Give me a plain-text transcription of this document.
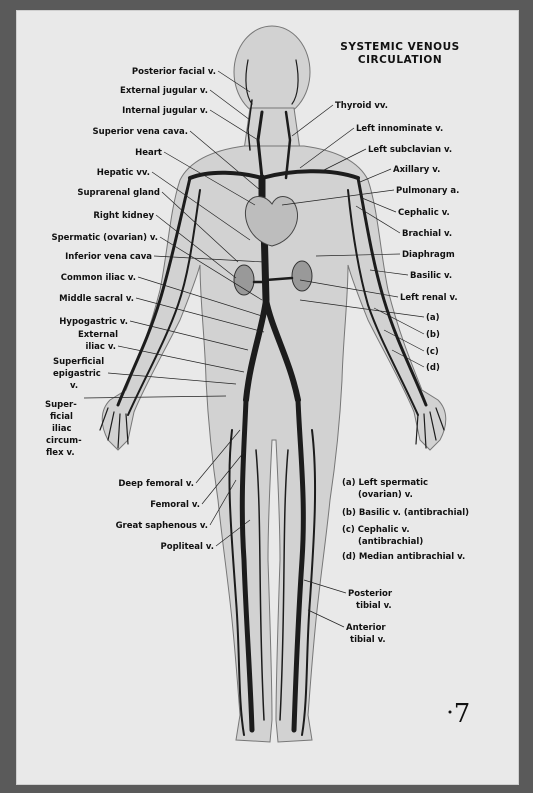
SYSTEMIC VENOUS
CIRCULATION
Posterior facial v.
External jugular v.
Internal jugular v.
Superior vena cava.
Heart
Hepatic vv.
Suprarenal gland
Right kidney
Spermatic (ovarian) v.
Inferior vena cava
Common iliac v.
Middle sacral v.
Hypogastric v.
External
iliac v.
Superficial
epigastric
v.
Super-
ficial
iliac
circum-
flex v.
Deep femoral v.
Femoral v.
Great saphenous v.
Popliteal v.
Thyroid vv.
Left innominate v.
Left subclavian v.
Axillary v.
Pulmonary a.
Cephalic v.
Brachial v.
Diaphragm
Basilic v.
Left renal v.
(a)
(b)
(c)
(d)
Posterior
tibial v.
Anterior
tibial v.
(a) Left spermatic
(ovarian) v.
(b) Basilic v. (antibrachial)
(c) Cephalic v.
(antibrachial)
(d) Median antibrachial v.
7
